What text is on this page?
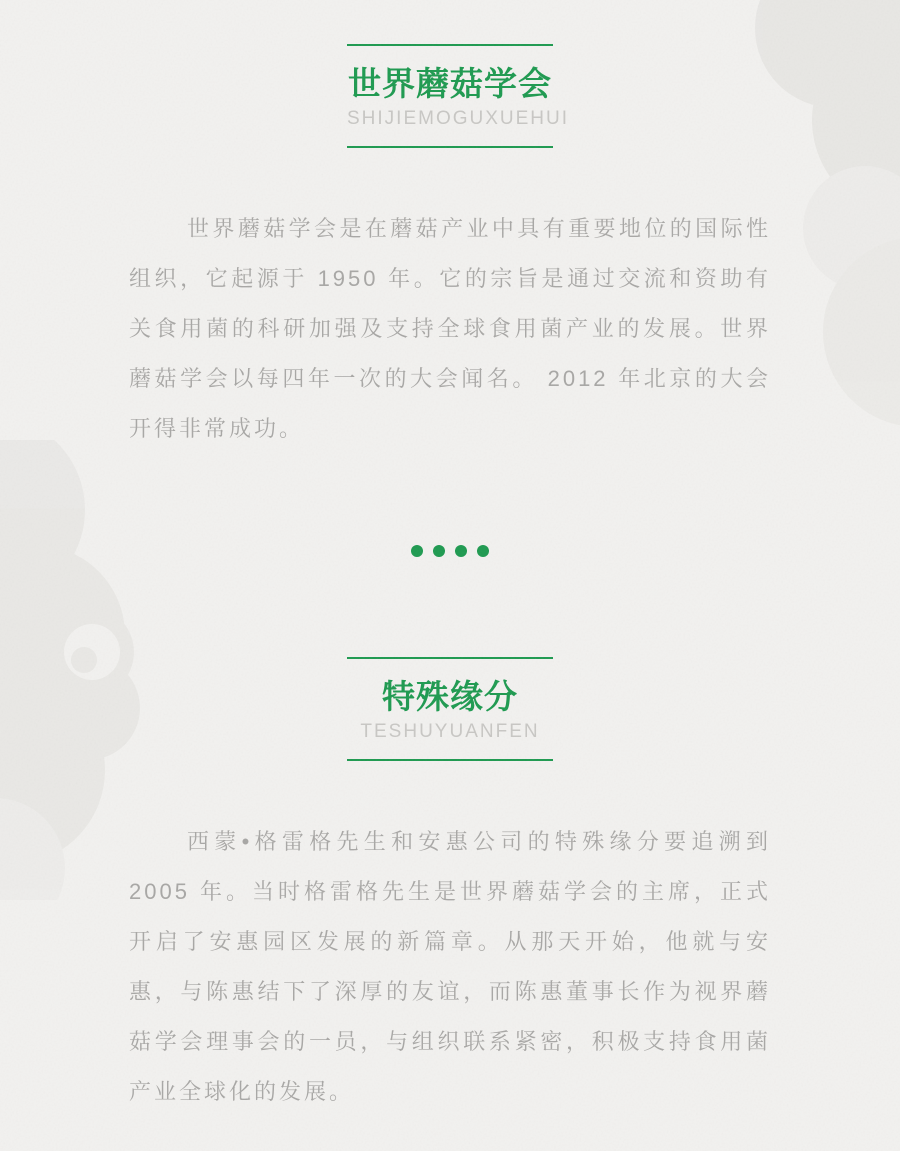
世界蘑菇学会
SHIJIEMOGUXUEHUI

世界蘑菇学会是在蘑菇产业中具有重要地位的国际性组织，它起源于 1950 年。它的宗旨是通过交流和资助有关食用菌的科研加强及支持全球食用菌产业的发展。世界蘑菇学会以每四年一次的大会闻名。 2012 年北京的大会开得非常成功。

特殊缘分
TESHUYUANFEN

西蒙•格雷格先生和安惠公司的特殊缘分要追溯到 2005 年。当时格雷格先生是世界蘑菇学会的主席，正式开启了安惠园区发展的新篇章。从那天开始，他就与安惠，与陈惠结下了深厚的友谊，而陈惠董事长作为视界蘑菇学会理事会的一员，与组织联系紧密，积极支持食用菌产业全球化的发展。
